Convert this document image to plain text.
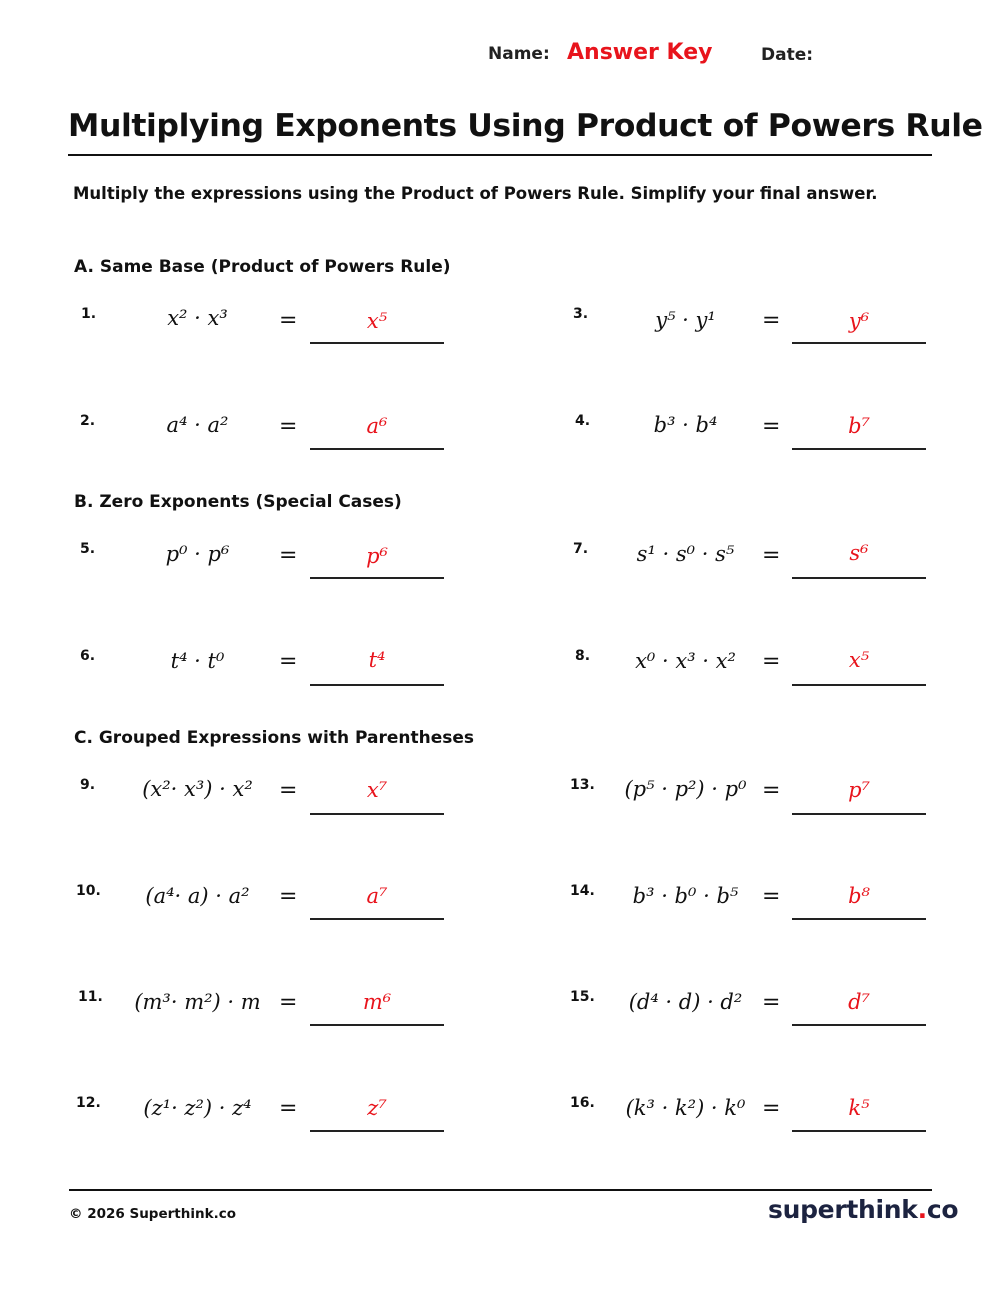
Name: Answer Key	Date:
Multiplying Exponents Using Product of Powers Rule
Multiply the expressions using the Product of Powers Rule. Simplify your final answer.
A. Same Base (Product of Powers Rule)
1.	x² · x³	=	x⁵	3.	y⁵ · y¹	=	y⁶
2.	a⁴ · a²	=	a⁶	4.	b³ · b⁴	=	b⁷
B. Zero Exponents (Special Cases)
5.	p⁰ · p⁶	=	p⁶	7.	s¹ · s⁰ · s⁵	=	s⁶
6.	t⁴ · t⁰	=	t⁴	8.	x⁰ · x³ · x²	=	x⁵
C. Grouped Expressions with Parentheses
9.	(x²· x³) · x²	=	x⁷	13.	(p⁵ · p²) · p⁰ =	p⁷
10.	(a⁴· a) · a²	=	a⁷	14.	b³ · b⁰ · b⁵	=	b⁸
11.	(m³· m²) · m =	m⁶	15.	(d⁴ · d) · d² =	d⁷
12.	(z¹· z²) · z⁴	=	z⁷	16.	(k³ · k²) · k⁰ =	k⁵
© 2026 Superthink.co	superthink.co
